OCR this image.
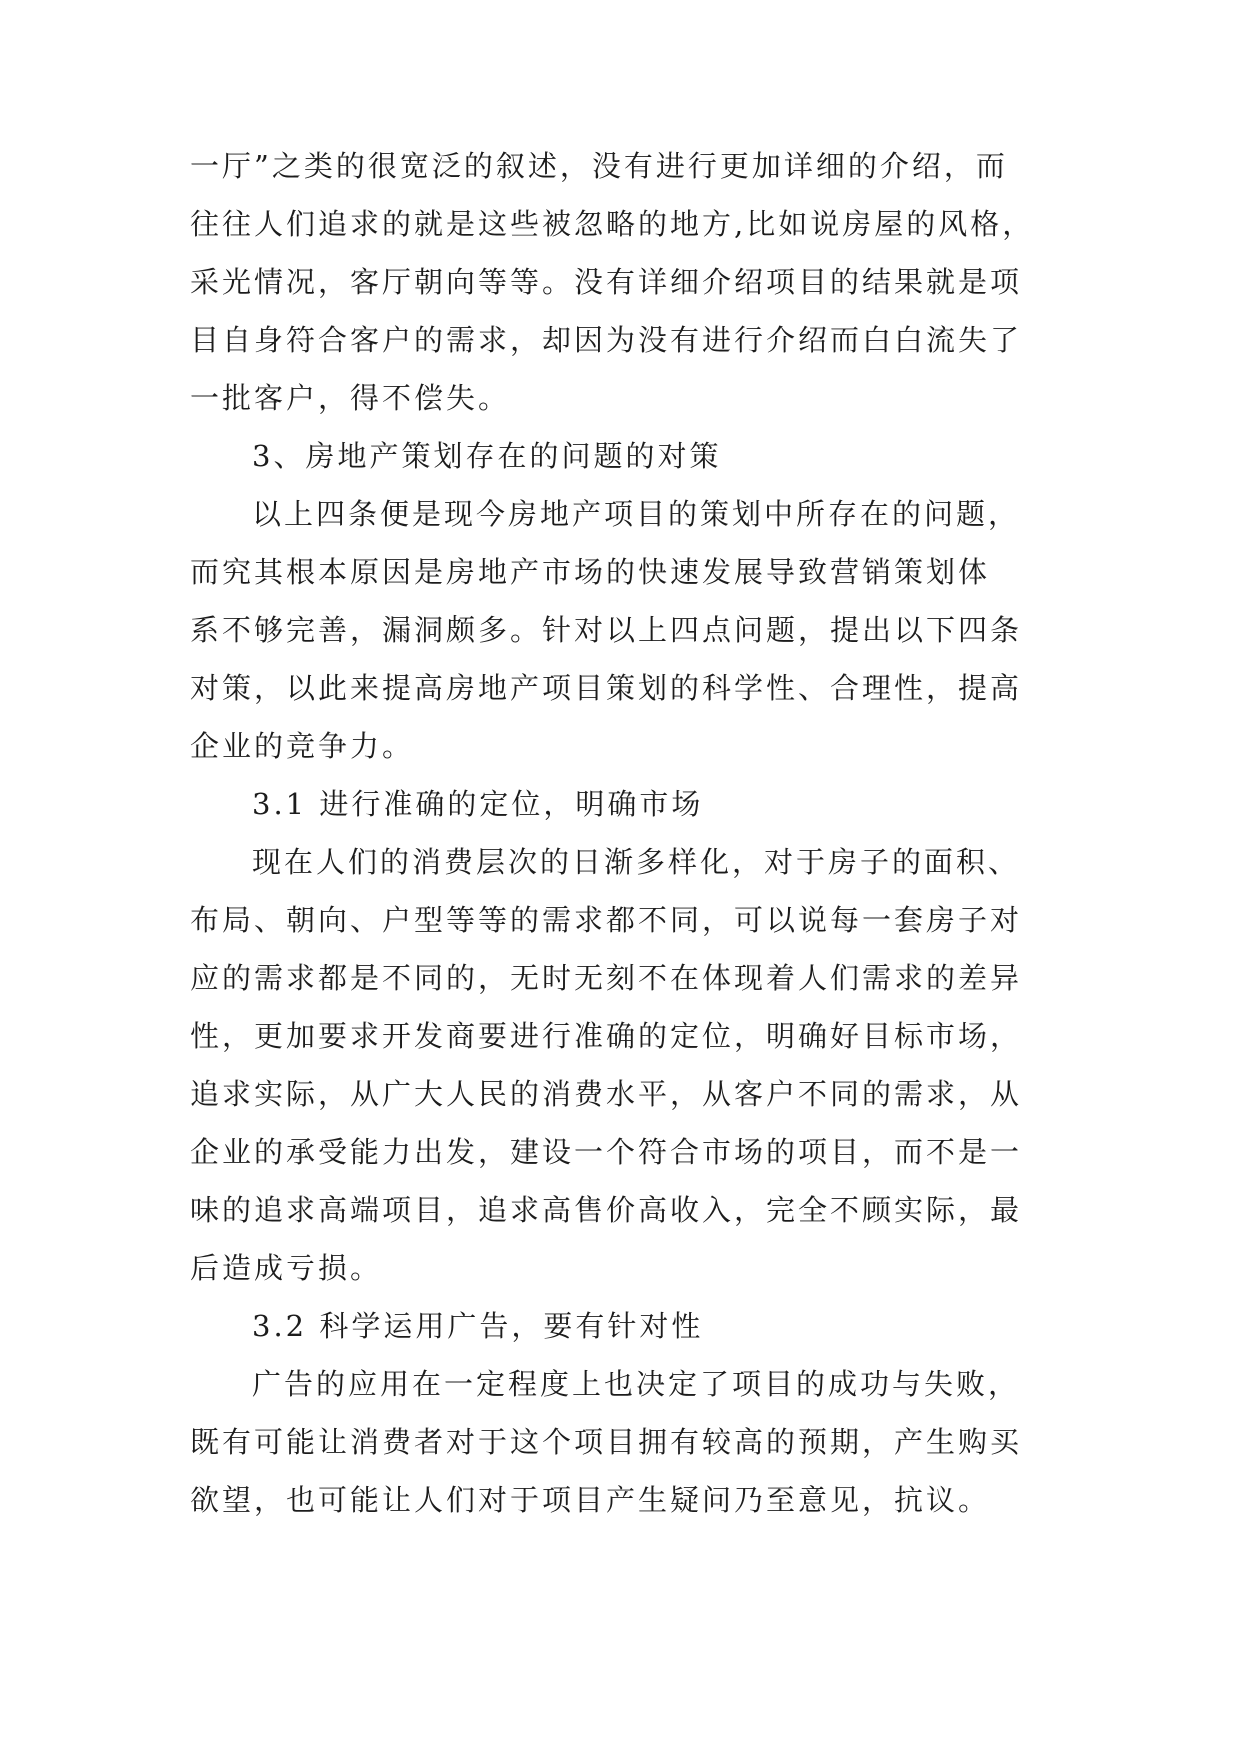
一厅”之类的很宽泛的叙述，没有进行更加详细的介绍，而

往往人们追求的就是这些被忽略的地方,比如说房屋的风格，

采光情况，客厅朝向等等。没有详细介绍项目的结果就是项

目自身符合客户的需求，却因为没有进行介绍而白白流失了

一批客户，得不偿失。

3、房地产策划存在的问题的对策

以上四条便是现今房地产项目的策划中所存在的问题，

而究其根本原因是房地产市场的快速发展导致营销策划体

系不够完善，漏洞颇多。针对以上四点问题，提出以下四条

对策，以此来提高房地产项目策划的科学性、合理性，提高

企业的竞争力。

3.1 进行准确的定位，明确市场

现在人们的消费层次的日渐多样化，对于房子的面积、

布局、朝向、户型等等的需求都不同，可以说每一套房子对

应的需求都是不同的，无时无刻不在体现着人们需求的差异

性，更加要求开发商要进行准确的定位，明确好目标市场，

追求实际，从广大人民的消费水平，从客户不同的需求，从

企业的承受能力出发，建设一个符合市场的项目，而不是一

味的追求高端项目，追求高售价高收入，完全不顾实际，最

后造成亏损。

3.2 科学运用广告，要有针对性

广告的应用在一定程度上也决定了项目的成功与失败，

既有可能让消费者对于这个项目拥有较高的预期，产生购买

欲望，也可能让人们对于项目产生疑问乃至意见，抗议。
